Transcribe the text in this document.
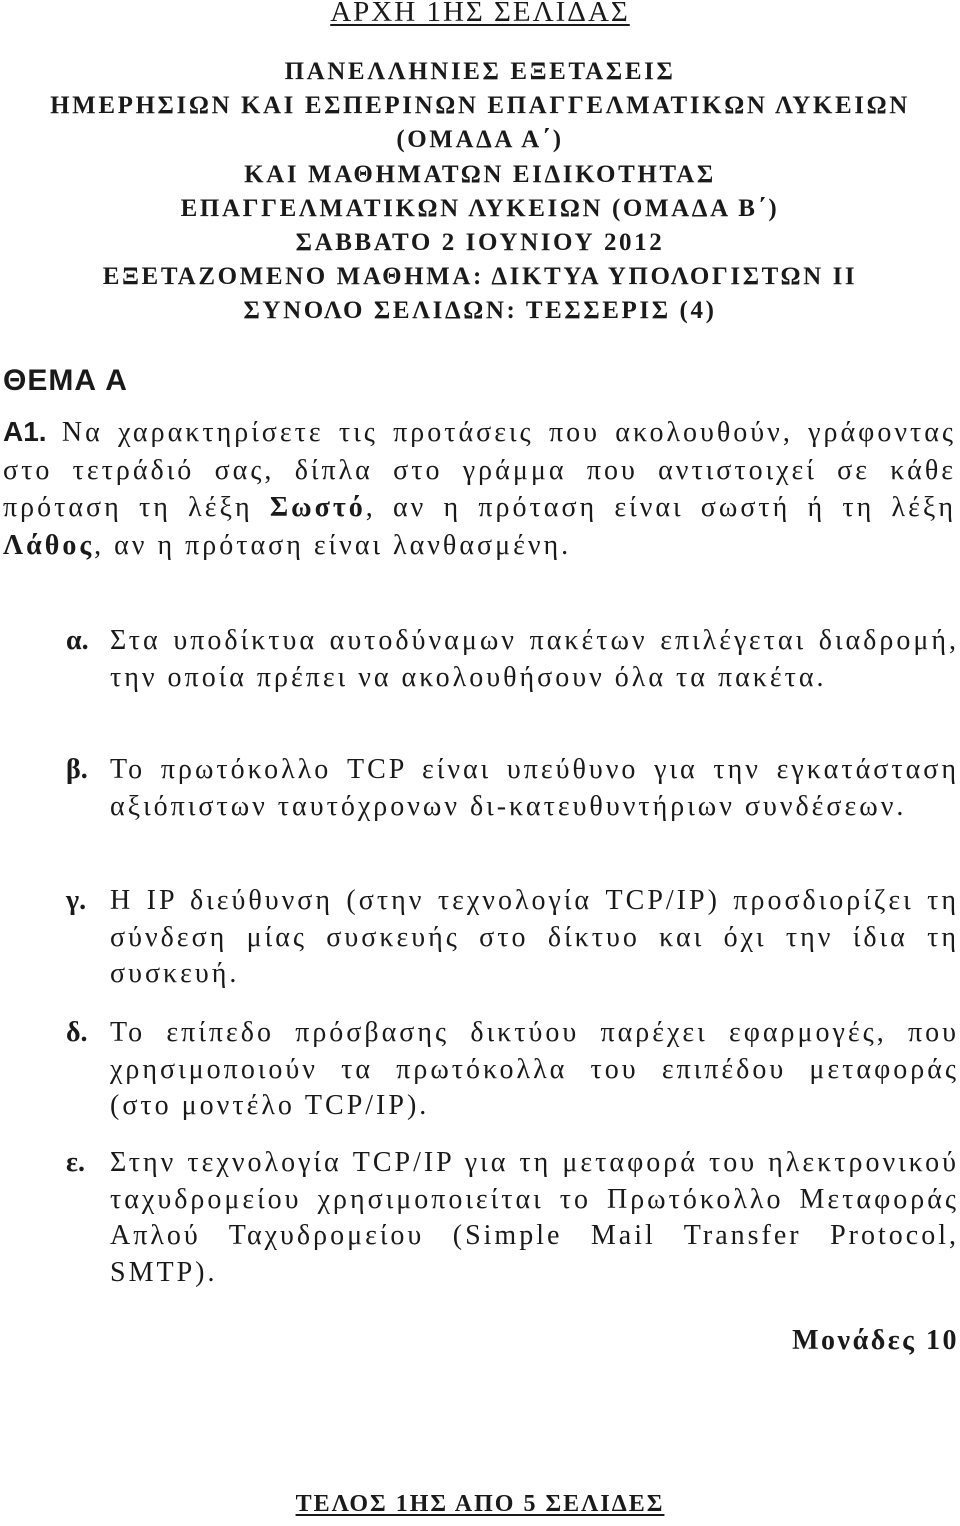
ΑΡΧΗ 1ΗΣ ΣΕΛΙΔΑΣ
ΠΑΝΕΛΛΗΝΙΕΣ ΕΞΕΤΑΣΕΙΣ
ΗΜΕΡΗΣΙΩΝ ΚΑΙ ΕΣΠΕΡΙΝΩΝ ΕΠΑΓΓΕΛΜΑΤΙΚΩΝ ΛΥΚΕΙΩΝ
(ΟΜΑΔΑ Α΄)
ΚΑΙ ΜΑΘΗΜΑΤΩΝ ΕΙΔΙΚΟΤΗΤΑΣ
ΕΠΑΓΓΕΛΜΑΤΙΚΩΝ ΛΥΚΕΙΩΝ (ΟΜΑΔΑ Β΄)
ΣΑΒΒΑΤΟ 2 ΙΟΥΝΙΟΥ 2012
ΕΞΕΤΑΖΟΜΕΝΟ ΜΑΘΗΜΑ: ΔΙΚΤΥΑ ΥΠΟΛΟΓΙΣΤΩΝ ΙΙ
ΣΥΝΟΛΟ ΣΕΛΙΔΩΝ: ΤΕΣΣΕΡΙΣ (4)
ΘΕΜΑ Α
Α1. Να χαρακτηρίσετε τις προτάσεις που ακολουθούν, γράφοντας στο τετράδιό σας, δίπλα στο γράμμα που αντιστοιχεί σε κάθε πρόταση τη λέξη Σωστό, αν η πρόταση είναι σωστή ή τη λέξη Λάθος, αν η πρόταση είναι λανθασμένη.
α. Στα υποδίκτυα αυτοδύναμων πακέτων επιλέγεται διαδρομή, την οποία πρέπει να ακολουθήσουν όλα τα πακέτα.
β. Το πρωτόκολλο TCP είναι υπεύθυνο για την εγκατάσταση αξιόπιστων ταυτόχρονων δι-κατευθυντήριων συνδέσεων.
γ. Η IP διεύθυνση (στην τεχνολογία TCP/IP) προσδιορίζει τη σύνδεση μίας συσκευής στο δίκτυο και όχι την ίδια τη συσκευή.
δ. Το επίπεδο πρόσβασης δικτύου παρέχει εφαρμογές, που χρησιμοποιούν τα πρωτόκολλα του επιπέδου μεταφοράς (στο μοντέλο TCP/IP).
ε. Στην τεχνολογία TCP/IP για τη μεταφορά του ηλεκτρονικού ταχυδρομείου χρησιμοποιείται το Πρωτόκολλο Μεταφοράς Απλού Ταχυδρομείου (Simple Mail Transfer Protocol, SMTP).
Μονάδες 10
ΤΕΛΟΣ 1ΗΣ ΑΠΟ 5 ΣΕΛΙΔΕΣ
